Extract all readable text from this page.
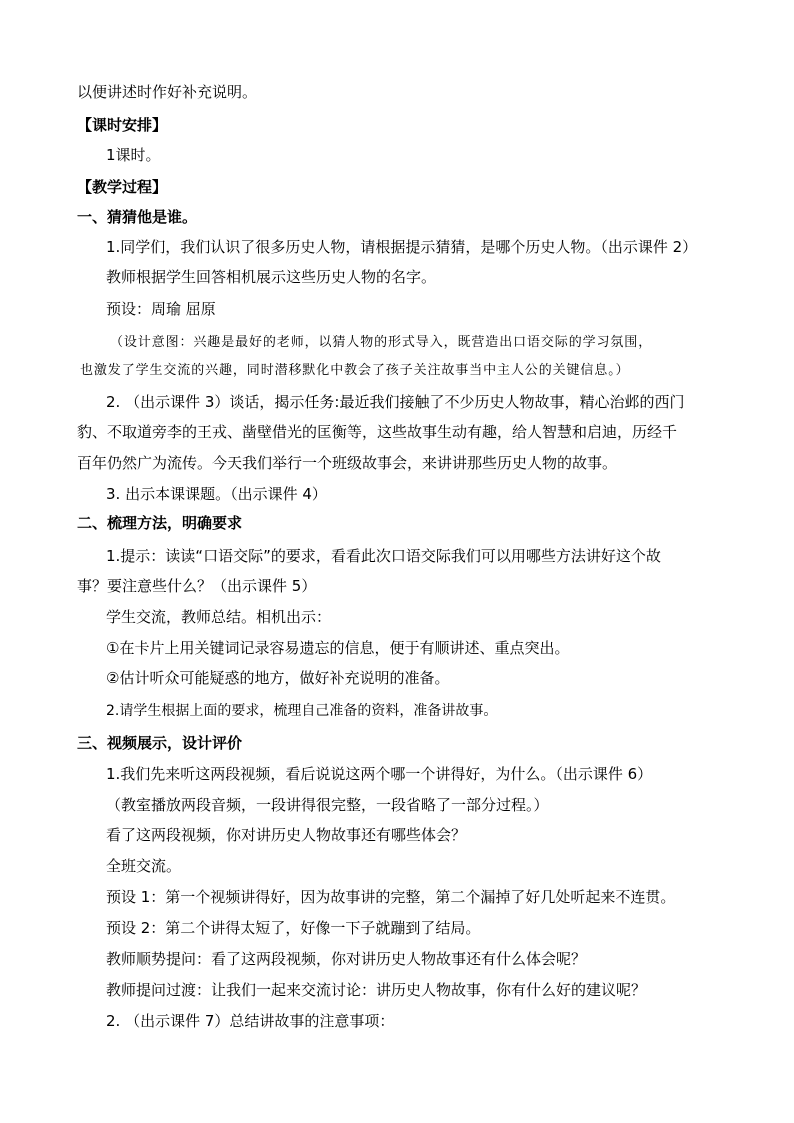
以便讲述时作好补充说明。
【课时安排】
1课时。
【教学过程】
一、猜猜他是谁。
1.同学们，我们认识了很多历史人物，请根据提示猜猜，是哪个历史人物。（出示课件 2）
教师根据学生回答相机展示这些历史人物的名字。
预设：周瑜 屈原
（设计意图：兴趣是最好的老师，以猜人物的形式导入，既营造出口语交际的学习氛围，
也激发了学生交流的兴趣，同时潜移默化中教会了孩子关注故事当中主人公的关键信息。）
2. （出示课件 3）谈话，揭示任务:最近我们接触了不少历史人物故事，精心治邺的西门
豹、不取道旁李的王戎、凿壁借光的匡衡等，这些故事生动有趣，给人智慧和启迪，历经千
百年仍然广为流传。今天我们举行一个班级故事会，来讲讲那些历史人物的故事。
3. 出示本课课题。（出示课件 4）
二、梳理方法，明确要求
1.提示：读读“口语交际”的要求，看看此次口语交际我们可以用哪些方法讲好这个故
事？要注意些什么？（出示课件 5）
学生交流，教师总结。相机出示：
①在卡片上用关键词记录容易遗忘的信息，便于有顺讲述、重点突出。
②估计听众可能疑惑的地方，做好补充说明的准备。
2.请学生根据上面的要求，梳理自己准备的资料，准备讲故事。
三、视频展示，设计评价
1.我们先来听这两段视频，看后说说这两个哪一个讲得好，为什么。（出示课件 6）
（教室播放两段音频，一段讲得很完整，一段省略了一部分过程。）
看了这两段视频，你对讲历史人物故事还有哪些体会？
全班交流。
预设 1：第一个视频讲得好，因为故事讲的完整，第二个漏掉了好几处听起来不连贯。
预设 2：第二个讲得太短了，好像一下子就蹦到了结局。
教师顺势提问：看了这两段视频，你对讲历史人物故事还有什么体会呢？
教师提问过渡：让我们一起来交流讨论：讲历史人物故事，你有什么好的建议呢？
2. （出示课件 7）总结讲故事的注意事项：
